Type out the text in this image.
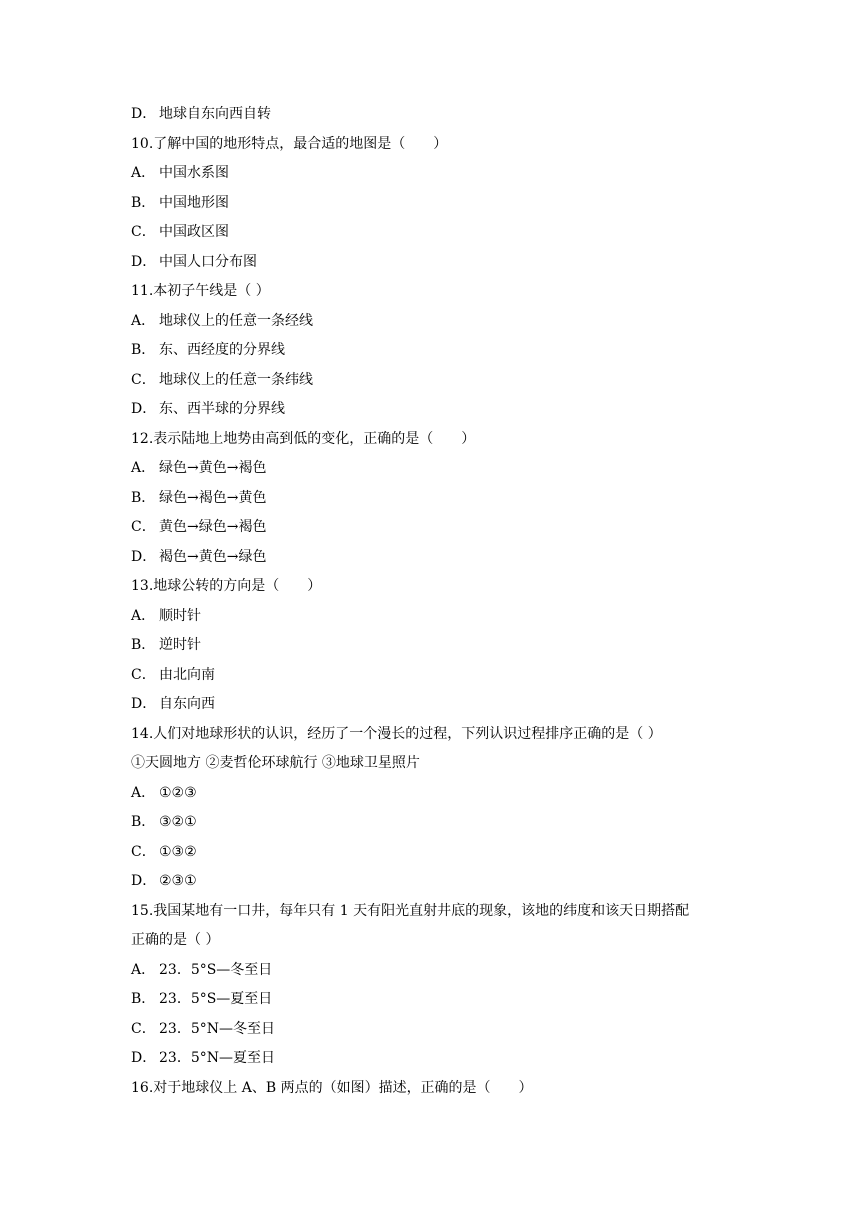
D． 地球自东向西自转
10.了解中国的地形特点，最合适的地图是（　　）
A． 中国水系图
B． 中国地形图
C． 中国政区图
D． 中国人口分布图
11.本初子午线是（ ）
A． 地球仪上的任意一条经线
B． 东、西经度的分界线
C． 地球仪上的任意一条纬线
D． 东、西半球的分界线
12.表示陆地上地势由高到低的变化，正确的是（　　）
A． 绿色→黄色→褐色
B． 绿色→褐色→黄色
C． 黄色→绿色→褐色
D． 褐色→黄色→绿色
13.地球公转的方向是（　　）
A． 顺时针
B． 逆时针
C． 由北向南
D． 自东向西
14.人们对地球形状的认识，经历了一个漫长的过程，下列认识过程排序正确的是（ ）
①天圆地方 ②麦哲伦环球航行 ③地球卫星照片
A． ①②③
B． ③②①
C． ①③②
D． ②③①
15.我国某地有一口井，每年只有 1 天有阳光直射井底的现象，该地的纬度和该天日期搭配
正确的是（ ）
A． 23．5°S—冬至日
B． 23．5°S—夏至日
C． 23．5°N—冬至日
D． 23．5°N—夏至日
16.对于地球仪上 A、B 两点的（如图）描述，正确的是（　　）
